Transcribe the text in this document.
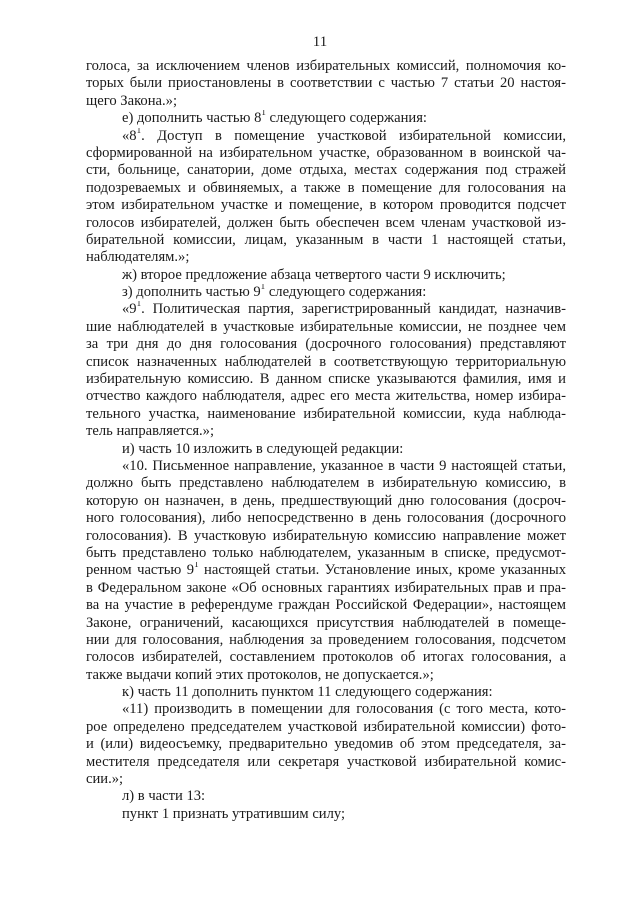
11
голоса, за исключением членов избирательных комиссий, полномочия ко-
торых были приостановлены в соответствии с частью 7 статьи 20 настоя-
щего Закона.»;
е) дополнить частью $8^1$ следующего содержания:
«$8^1$. Доступ в помещение участковой избирательной комиссии,
сформированной на избирательном участке, образованном в воинской ча-
сти, больнице, санатории, доме отдыха, местах содержания под стражей
подозреваемых и обвиняемых, а также в помещение для голосования на
этом избирательном участке и помещение, в котором проводится подсчет
голосов избирателей, должен быть обеспечен всем членам участковой из-
бирательной комиссии, лицам, указанным в части 1 настоящей статьи,
наблюдателям.»;
ж) второе предложение абзаца четвертого части 9 исключить;
з) дополнить частью $9^1$ следующего содержания:
«$9^1$. Политическая партия, зарегистрированный кандидат, назначив-
шие наблюдателей в участковые избирательные комиссии, не позднее чем
за три дня до дня голосования (досрочного голосования) представляют
список назначенных наблюдателей в соответствующую территориальную
избирательную комиссию. В данном списке указываются фамилия, имя и
отчество каждого наблюдателя, адрес его места жительства, номер избира-
тельного участка, наименование избирательной комиссии, куда наблюда-
тель направляется.»;
и) часть 10 изложить в следующей редакции:
«10. Письменное направление, указанное в части 9 настоящей статьи,
должно быть представлено наблюдателем в избирательную комиссию, в
которую он назначен, в день, предшествующий дню голосования (досроч-
ного голосования), либо непосредственно в день голосования (досрочного
голосования). В участковую избирательную комиссию направление может
быть представлено только наблюдателем, указанным в списке, предусмот-
ренном частью $9^1$ настоящей статьи. Установление иных, кроме указанных
в Федеральном законе «Об основных гарантиях избирательных прав и пра-
ва на участие в референдуме граждан Российской Федерации», настоящем
Законе, ограничений, касающихся присутствия наблюдателей в помеще-
нии для голосования, наблюдения за проведением голосования, подсчетом
голосов избирателей, составлением протоколов об итогах голосования, а
также выдачи копий этих протоколов, не допускается.»;
к) часть 11 дополнить пунктом 11 следующего содержания:
«11) производить в помещении для голосования (с того места, кото-
рое определено председателем участковой избирательной комиссии) фото-
и (или) видеосъемку, предварительно уведомив об этом председателя, за-
местителя председателя или секретаря участковой избирательной комис-
сии.»;
л) в части 13:
пункт 1 признать утратившим силу;
